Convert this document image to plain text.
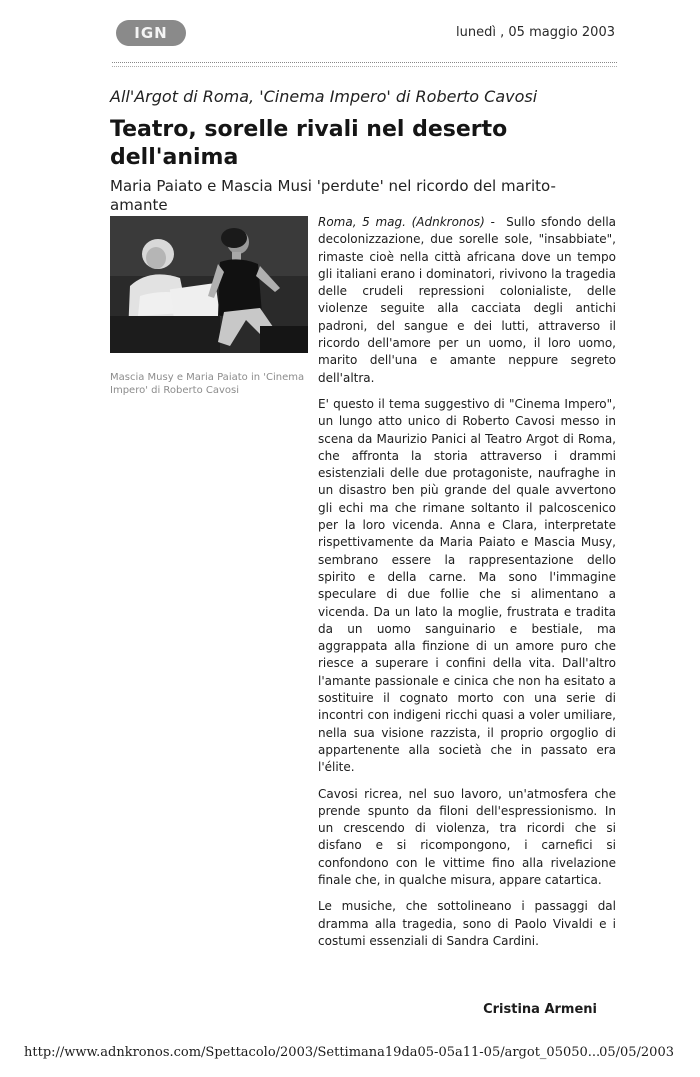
IGN	lunedì , 05 maggio 2003
All'Argot di Roma, 'Cinema Impero' di Roberto Cavosi
Teatro, sorelle rivali nel deserto dell'anima

Maria Paiato e Mascia Musi 'perdute' nel ricordo del marito-amante

Mascia Musy e Maria Paiato in 'Cinema Impero' di Roberto Cavosi

Roma, 5 mag. (Adnkronos) - Sullo sfondo della decolonizzazione, due sorelle sole, "insabbiate", rimaste cioè nella città africana dove un tempo gli italiani erano i dominatori, rivivono la tragedia delle crudeli repressioni colonialiste, delle violenze seguite alla cacciata degli antichi padroni, del sangue e dei lutti, attraverso il ricordo dell'amore per un uomo, il loro uomo, marito dell'una e amante neppure segreto dell'altra.

E' questo il tema suggestivo di "Cinema Impero", un lungo atto unico di Roberto Cavosi messo in scena da Maurizio Panici al Teatro Argot di Roma, che affronta la storia attraverso i drammi esistenziali delle due protagoniste, naufraghe in un disastro ben più grande del quale avvertono gli echi ma che rimane soltanto il palcoscenico per la loro vicenda. Anna e Clara, interpretate rispettivamente da Maria Paiato e Mascia Musy, sembrano essere la rappresentazione dello spirito e della carne. Ma sono l'immagine speculare di due follie che si alimentano a vicenda. Da un lato la moglie, frustrata e tradita da un uomo sanguinario e bestiale, ma aggrappata alla finzione di un amore puro che riesce a superare i confini della vita. Dall'altro l'amante passionale e cinica che non ha esitato a sostituire il cognato morto con una serie di incontri con indigeni ricchi quasi a voler umiliare, nella sua visione razzista, il proprio orgoglio di appartenente alla società che in passato era l'élite.

Cavosi ricrea, nel suo lavoro, un'atmosfera che prende spunto da filoni dell'espressionismo. In un crescendo di violenza, tra ricordi che si disfano e si ricompongono, i carnefici si confondono con le vittime fino alla rivelazione finale che, in qualche misura, appare catartica.

Le musiche, che sottolineano i passaggi dal dramma alla tragedia, sono di Paolo Vivaldi e i costumi essenziali di Sandra Cardini.

Cristina Armeni
http://www.adnkronos.com/Spettacolo/2003/Settimana19da05-05a11-05/argot_05050...
05/05/2003
